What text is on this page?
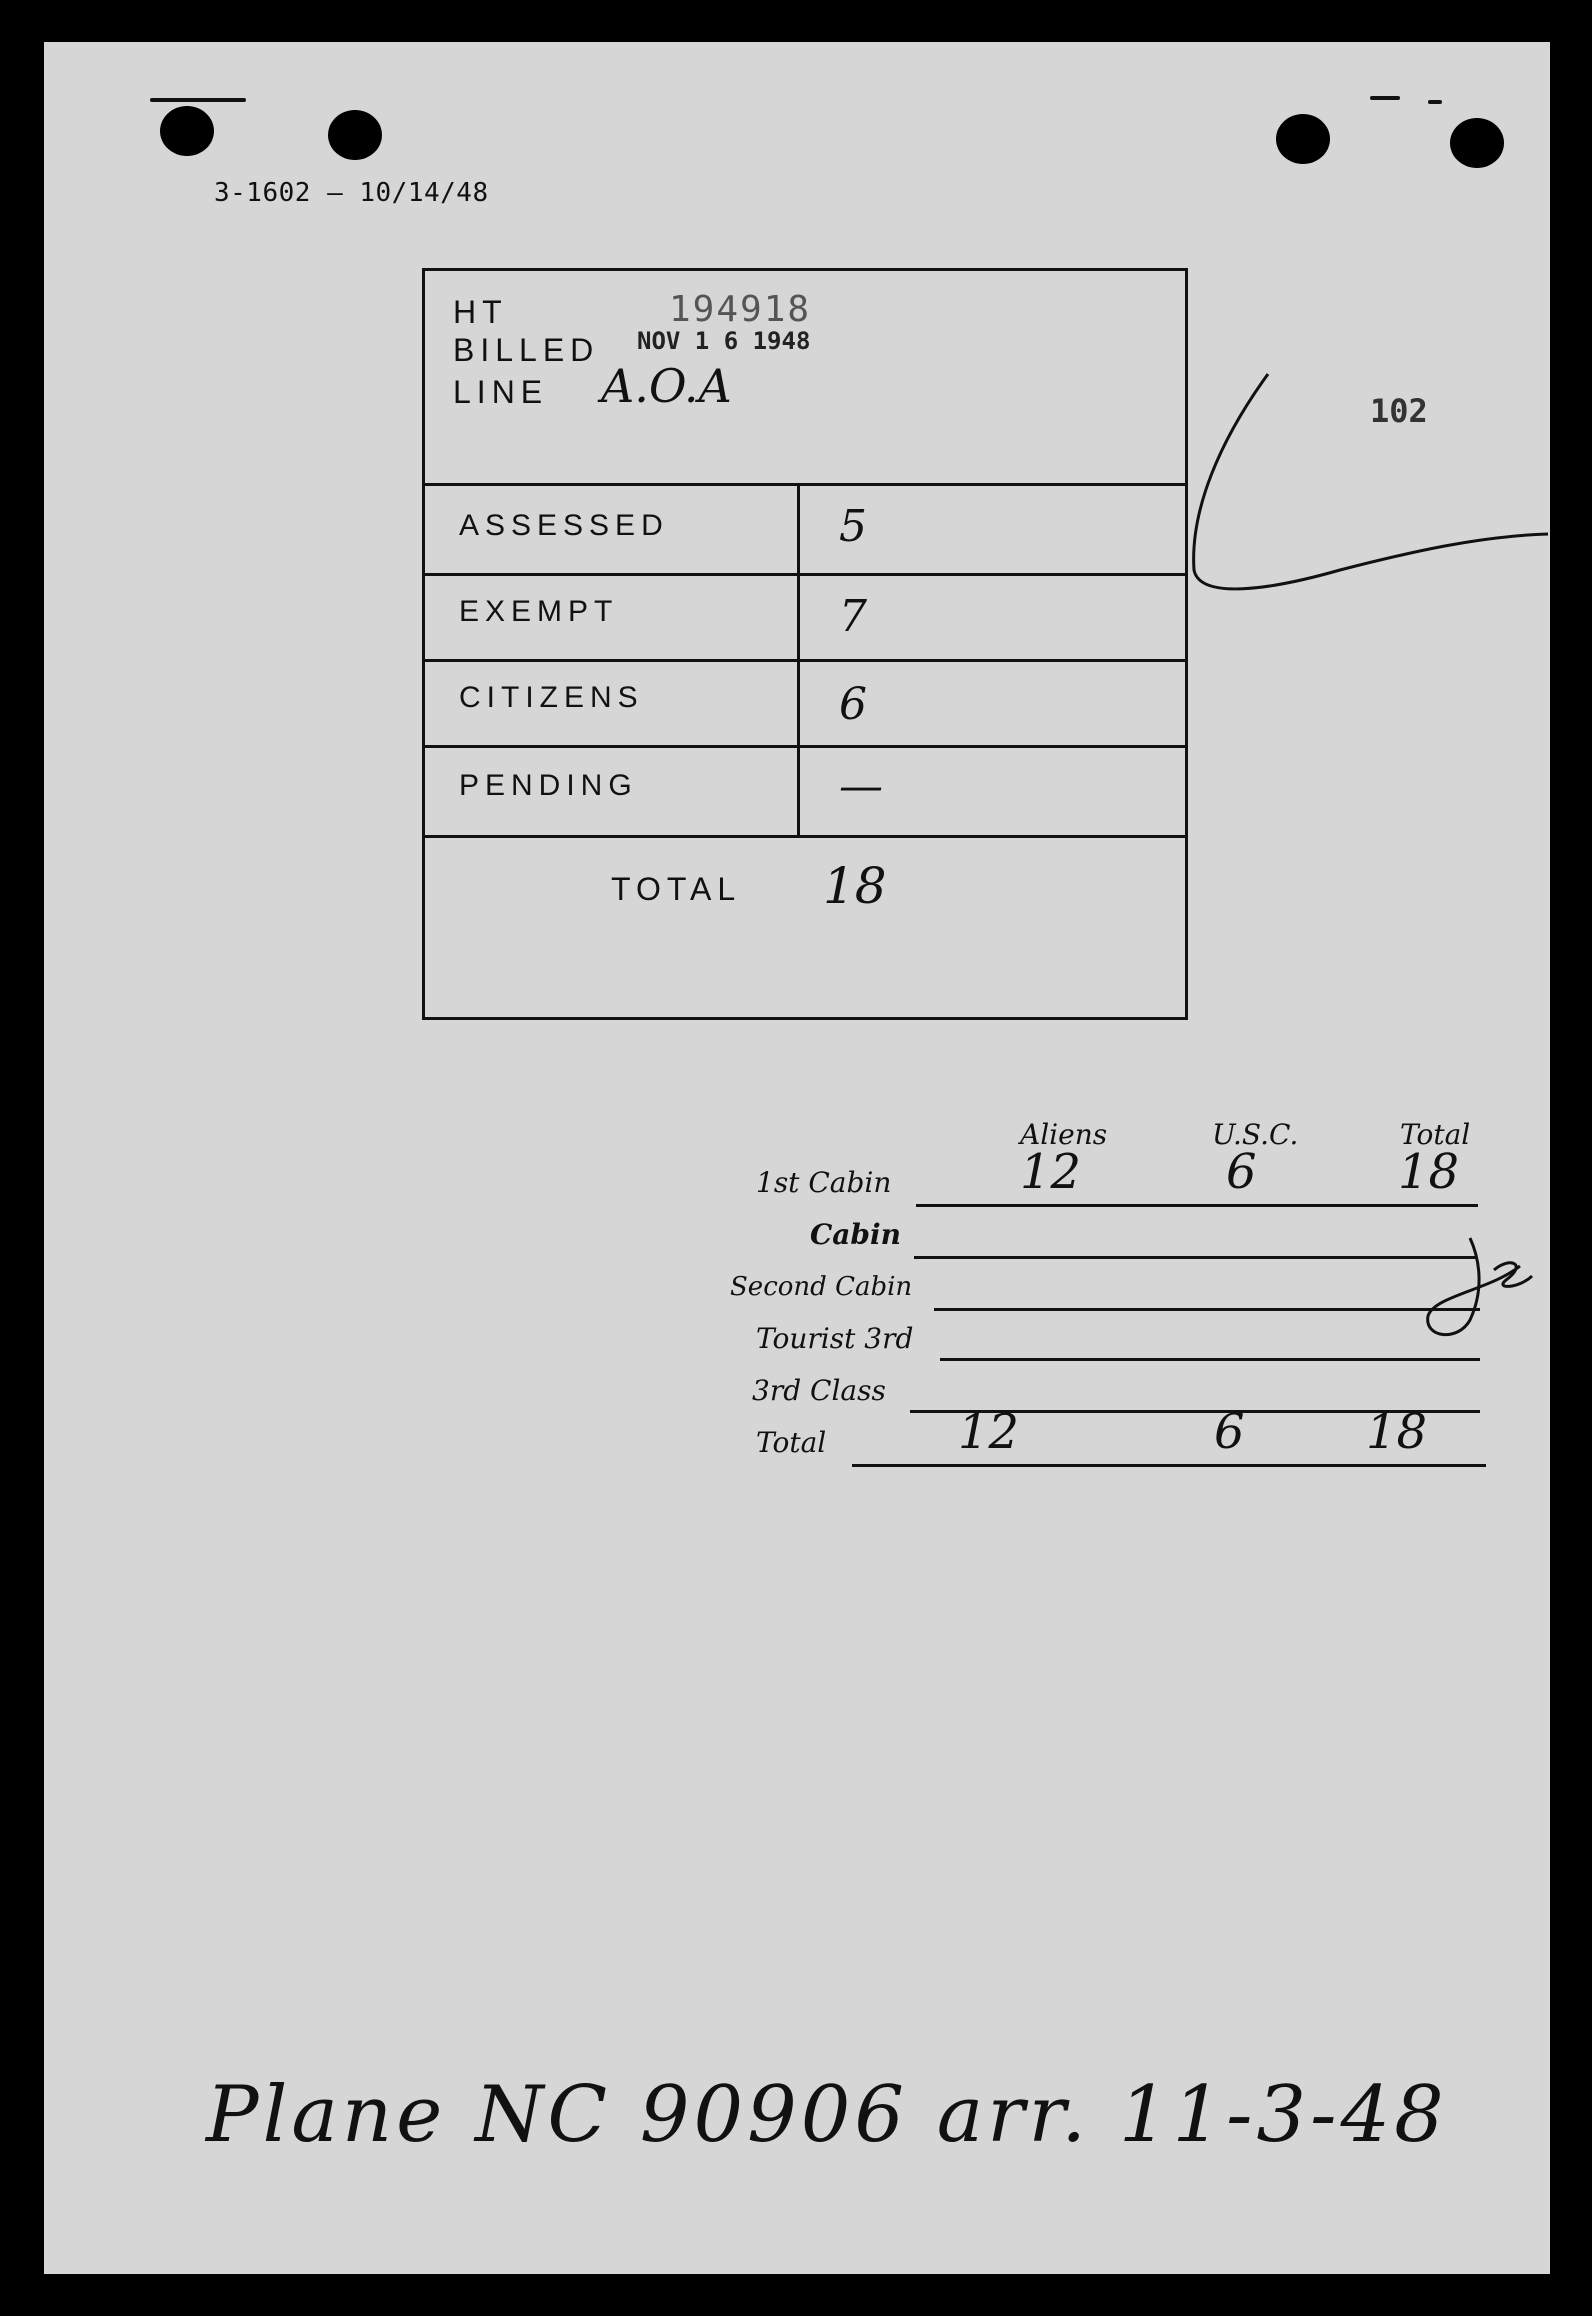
3-1602 — 10/14/48
102
HT
BILLED
LINE
194918
NOV 1 6 1948
A.O.A
ASSESSED	5
EXEMPT	7
CITIZENS	6
PENDING	—
TOTAL 18
Aliens	U.S.C.	Total
1st Cabin	12	6	18
Cabin
Second Cabin
Tourist 3rd
3rd Class
Total	12	6	18
Plane NC 90906 arr. 11-3-48
